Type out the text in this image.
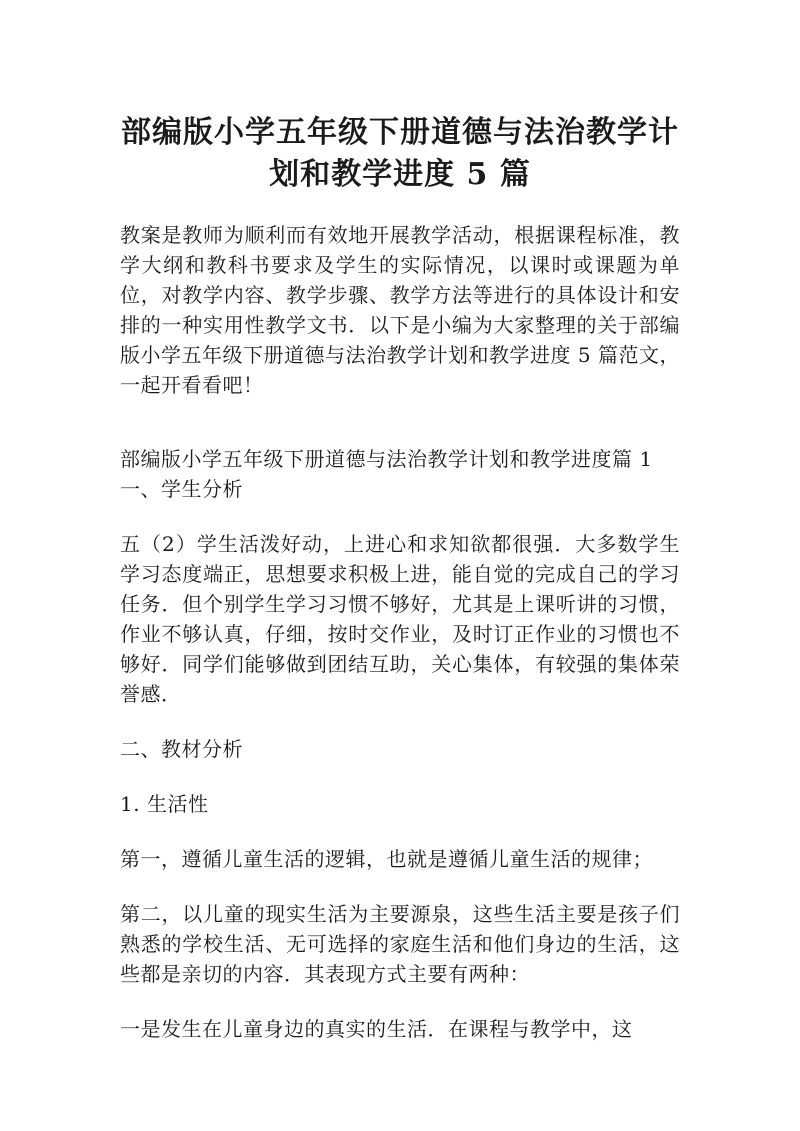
部编版小学五年级下册道德与法治教学计
划和教学进度 5 篇

教案是教师为顺利而有效地开展教学活动，根据课程标准，教学大纲和教科书要求及学生的实际情况，以课时或课题为单位，对教学内容、教学步骤、教学方法等进行的具体设计和安排的一种实用性教学文书．以下是小编为大家整理的关于部编版小学五年级下册道德与法治教学计划和教学进度 5 篇范文，一起开看看吧！

部编版小学五年级下册道德与法治教学计划和教学进度篇 1

一、学生分析

五（2）学生活泼好动，上进心和求知欲都很强．大多数学生学习态度端正，思想要求积极上进，能自觉的完成自己的学习任务．但个别学生学习习惯不够好，尤其是上课听讲的习惯，作业不够认真，仔细，按时交作业，及时订正作业的习惯也不够好．同学们能够做到团结互助，关心集体，有较强的集体荣誉感．

二、教材分析

1. 生活性

第一，遵循儿童生活的逻辑，也就是遵循儿童生活的规律；

第二，以儿童的现实生活为主要源泉，这些生活主要是孩子们熟悉的学校生活、无可选择的家庭生活和他们身边的生活，这些都是亲切的内容．其表现方式主要有两种：

一是发生在儿童身边的真实的生活．在课程与教学中，这
